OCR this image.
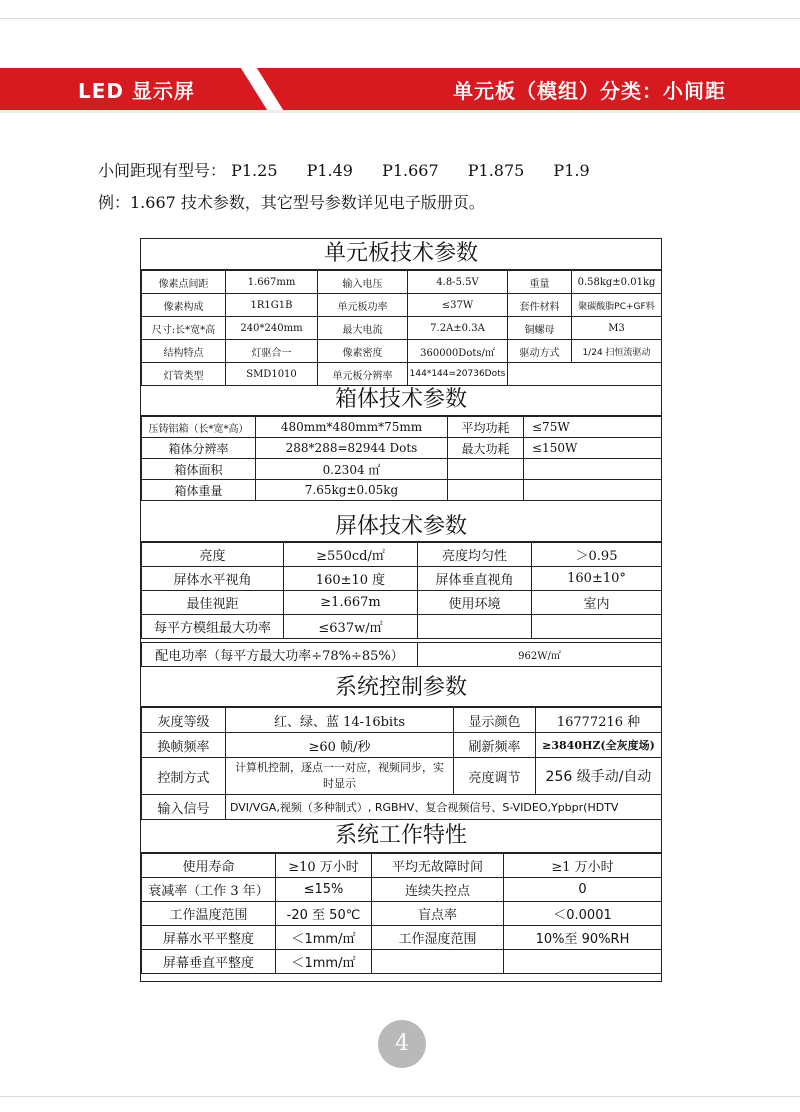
LED 显示屏	单元板（模组）分类：小间距
小间距现有型号： P1.25 P1.49 P1.667 P1.875 P1.9
例：1.667 技术参数，其它型号参数详见电子版册页。
单元板技术参数
像素点间距	1.667mm	输入电压	4.8-5.5V	重量	0.58kg±0.01kg
像素构成	1R1G1B	单元板功率	≤37W	套件材料	聚碳酸脂PC+GF料
尺寸:长*宽*高	240*240mm	最大电流	7.2A±0.3A	铜螺母	M3
结构特点	灯驱合一	像素密度	360000Dots/㎡	驱动方式	1/24 扫恒流驱动
灯管类型	SMD1010	单元板分辨率	144*144=20736Dots		
箱体技术参数
压铸铝箱（长*宽*高）	480mm*480mm*75mm	平均功耗	≤75W
箱体分辨率	288*288=82944 Dots	最大功耗	≤150W
箱体面积	0.2304 ㎡		
箱体重量	7.65kg±0.05kg		
屏体技术参数
亮度	≥550cd/㎡	亮度均匀性	＞0.95
屏体水平视角	160±10 度	屏体垂直视角	160±10°
最佳视距	≥1.667m	使用环境	室内
每平方模组最大功率	≤637w/㎡		
配电功率（每平方最大功率÷78%÷85%）	962W/㎡
系统控制参数
灰度等级	红、绿、蓝 14-16bits	显示颜色	16777216 种
换帧频率	≥60 帧/秒	刷新频率	≥3840HZ(全灰度场)
控制方式	计算机控制，逐点一一对应，视频同步，实时显示	亮度调节	256 级手动/自动
输入信号	DVI/VGA,视频（多种制式）, RGBHV、复合视频信号、S-VIDEO,Ypbpr(HDTV		
系统工作特性
使用寿命	≥10 万小时	平均无故障时间	≥1 万小时
衰减率（工作 3 年）	≤15%	连续失控点	0
工作温度范围	-20 至 50℃	盲点率	＜0.0001
屏幕水平平整度	＜1mm/㎡	工作湿度范围	10%至 90%RH
屏幕垂直平整度	＜1mm/㎡		
4
